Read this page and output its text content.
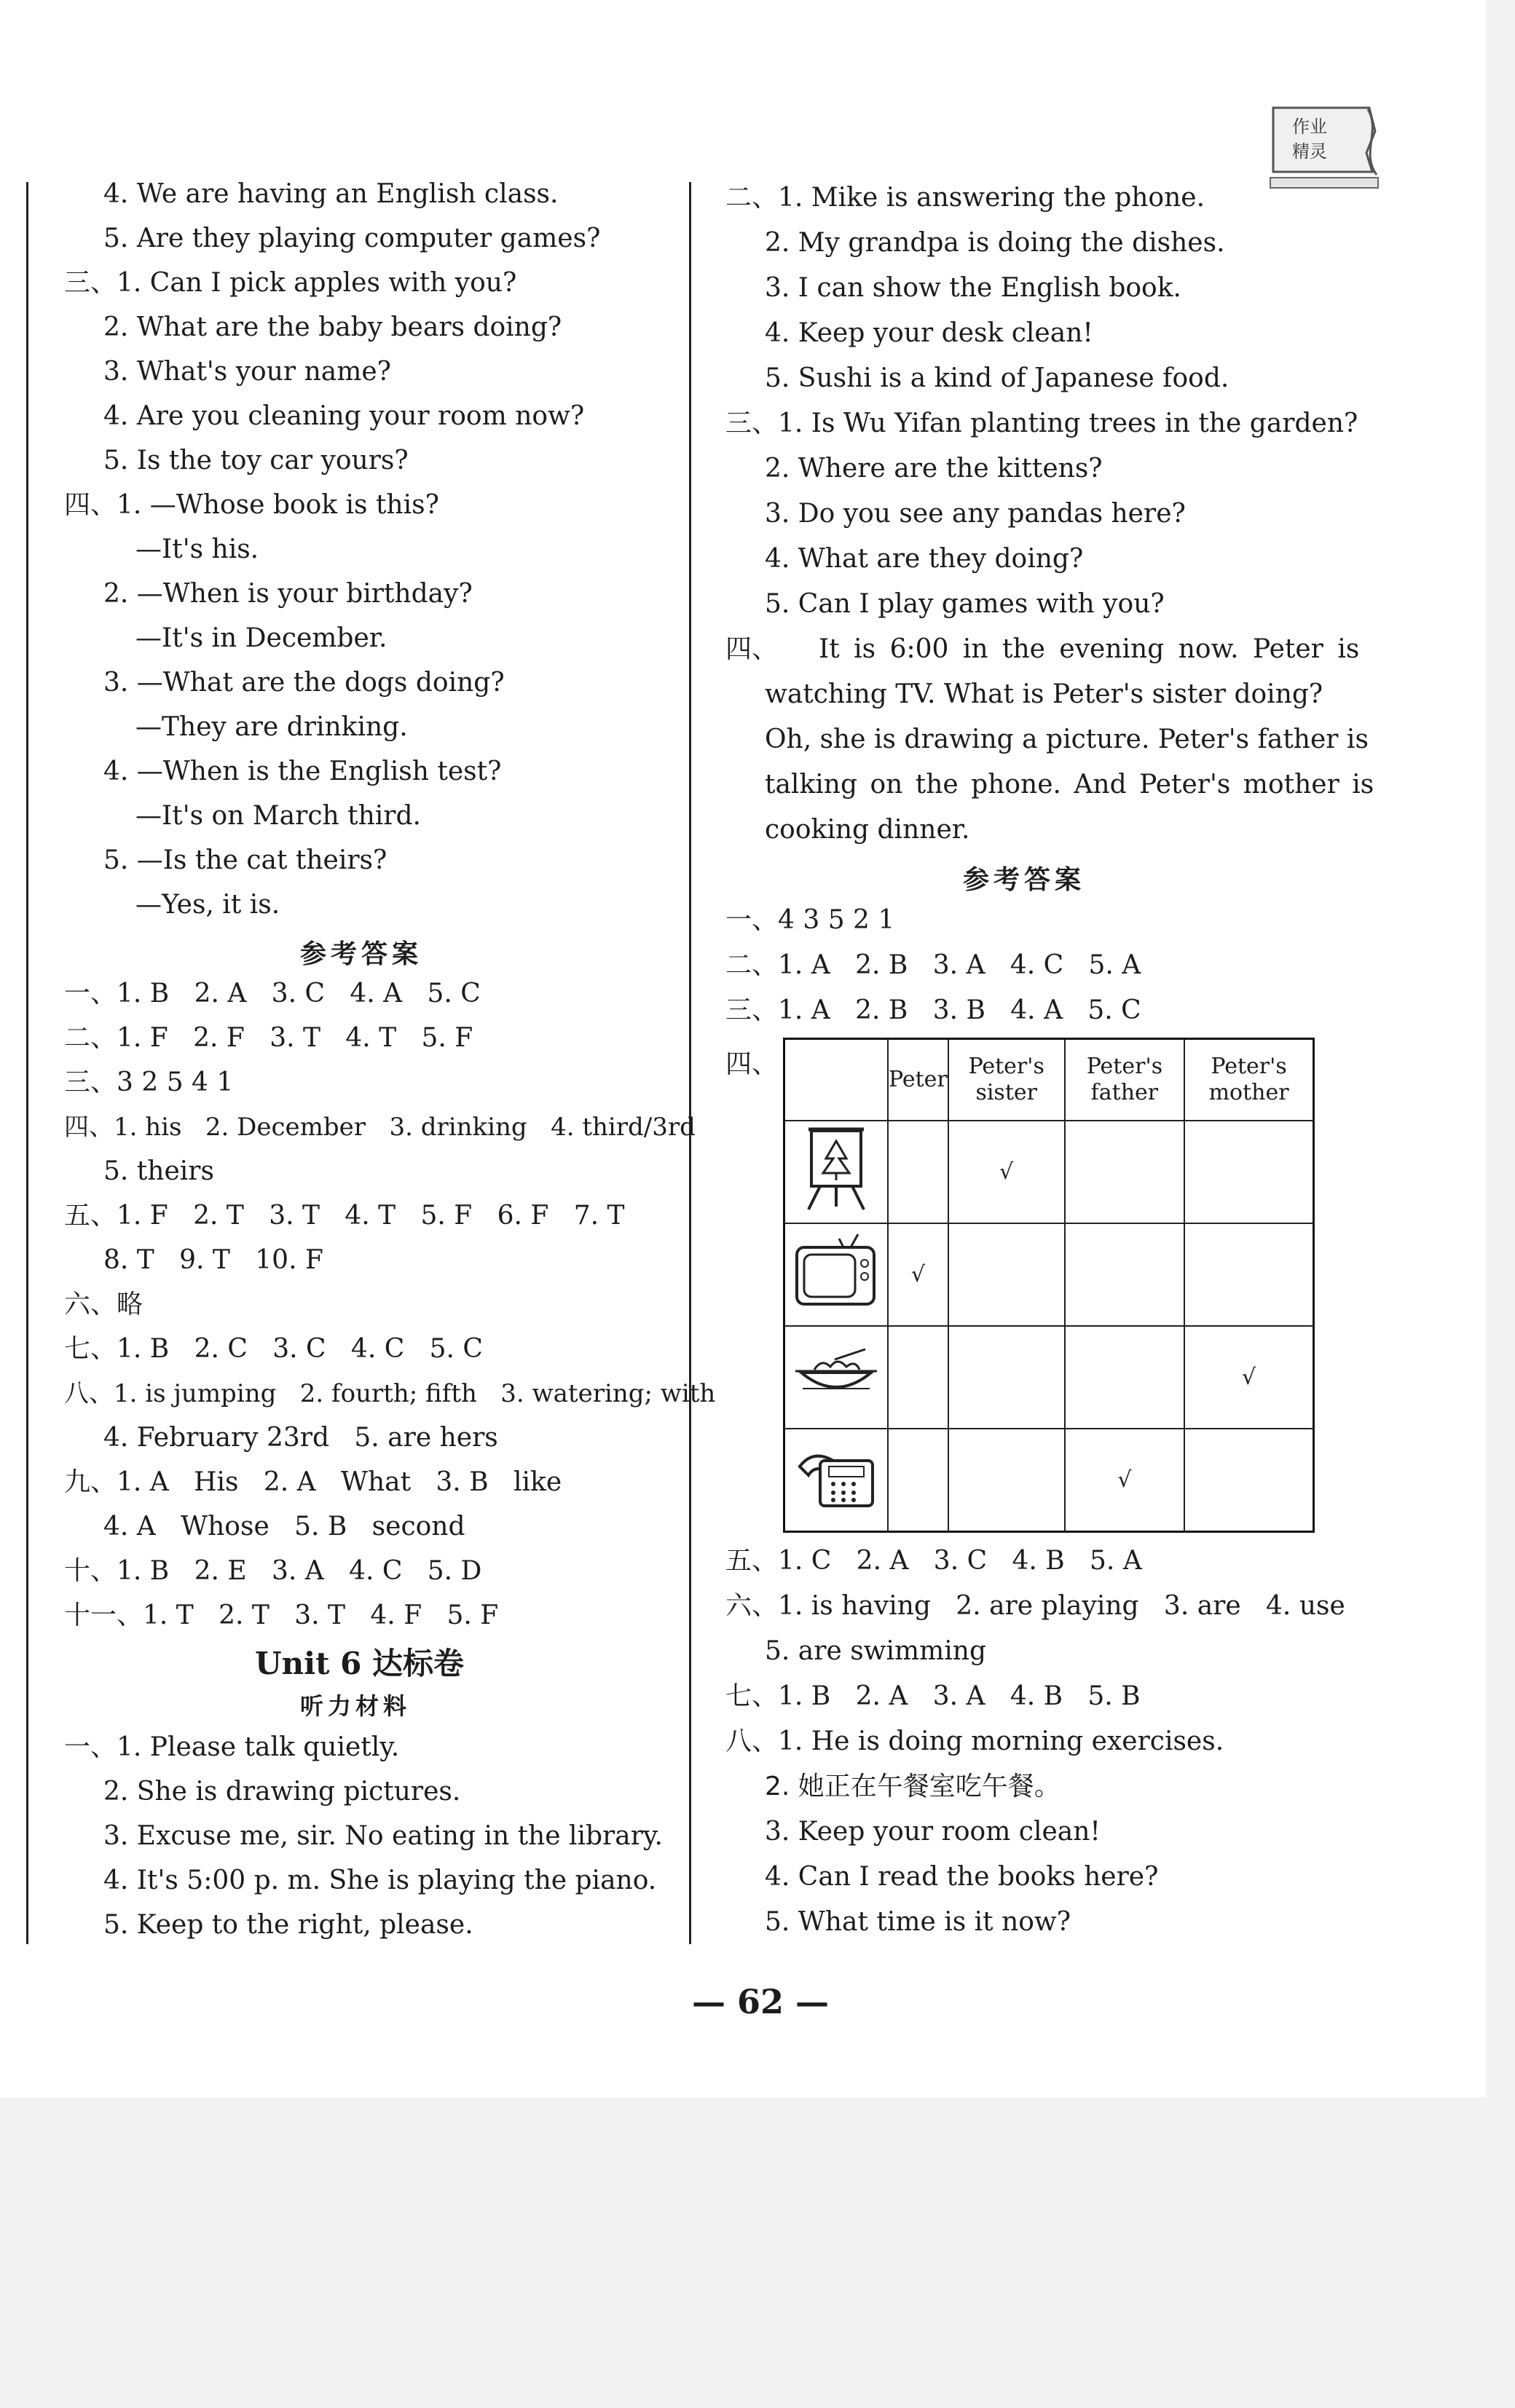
作业
精灵
4. We are having an English class.
5. Are they playing computer games?
三、1. Can I pick apples with you?
2. What are the baby bears doing?
3. What's your name?
4. Are you cleaning your room now?
5. Is the toy car yours?
四、1. —Whose book is this?
—It's his.
2. —When is your birthday?
—It's in December.
3. —What are the dogs doing?
—They are drinking.
4. —When is the English test?
—It's on March third.
5. —Is the cat theirs?
—Yes, it is.
参考答案
一、1. B   2. A   3. C   4. A   5. C
二、1. F   2. F   3. T   4. T   5. F
三、3 2 5 4 1
四、1. his   2. December   3. drinking   4. third/3rd
5. theirs
五、1. F   2. T   3. T   4. T   5. F   6. F   7. T
8. T   9. T   10. F
六、略
七、1. B   2. C   3. C   4. C   5. C
八、1. is jumping   2. fourth; fifth   3. watering; with
4. February 23rd   5. are hers
九、1. A   His   2. A   What   3. B   like
4. A   Whose   5. B   second
十、1. B   2. E   3. A   4. C   5. D
十一、1. T   2. T   3. T   4. F   5. F
Unit 6 达标卷
听力材料
一、1. Please talk quietly.
2. She is drawing pictures.
3. Excuse me, sir. No eating in the library.
4. It's 5:00 p. m. She is playing the piano.
5. Keep to the right, please.
二、1. Mike is answering the phone.
2. My grandpa is doing the dishes.
3. I can show the English book.
4. Keep your desk clean!
5. Sushi is a kind of Japanese food.
三、1. Is Wu Yifan planting trees in the garden?
2. Where are the kittens?
3. Do you see any pandas here?
4. What are they doing?
5. Can I play games with you?
四、 It is 6:00 in the evening now. Peter is
watching TV. What is Peter's sister doing?
Oh, she is drawing a picture. Peter's father is
talking on the phone. And Peter's mother is
cooking dinner.
参考答案
一、4 3 5 2 1
二、1. A   2. B   3. A   4. C   5. A
三、1. A   2. B   3. B   4. A   5. C
四、
	Peter	Peter's sister	Peter's father	Peter's mother
		√		
	√			
				√
			√	
五、1. C   2. A   3. C   4. B   5. A
六、1. is having   2. are playing   3. are   4. use
5. are swimming
七、1. B   2. A   3. A   4. B   5. B
八、1. He is doing morning exercises.
2. 她正在午餐室吃午餐。
3. Keep your room clean!
4. Can I read the books here?
5. What time is it now?
— 62 —
